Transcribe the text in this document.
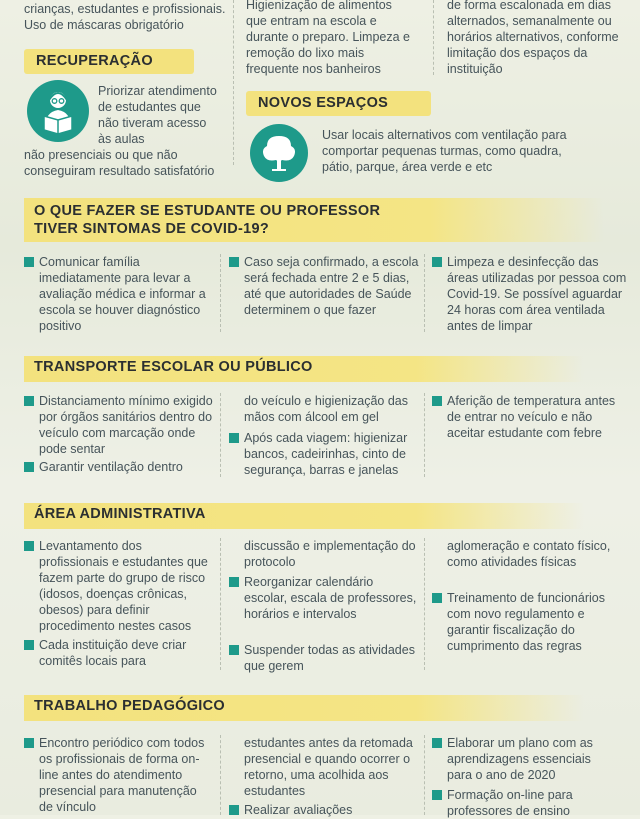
crianças, estudantes e profissionais. Uso de máscaras obrigatório
Higienização de alimentos que entram na escola e durante o preparo. Limpeza e remoção do lixo mais frequente nos banheiros
de forma escalonada em dias alternados, semanalmente ou horários alternativos, conforme limitação dos espaços da instituição
RECUPERAÇÃO
Priorizar atendimento de estudantes que não tiveram acesso às aulas
não presenciais ou que não conseguiram resultado satisfatório
NOVOS ESPAÇOS
Usar locais alternativos com ventilação para comportar pequenas turmas, como quadra, pátio, parque, área verde e etc
O QUE FAZER SE ESTUDANTE OU PROFESSOR
TIVER SINTOMAS DE COVID-19?
Comunicar família imediatamente para levar a avaliação médica e informar a escola se houver diagnóstico positivo
Caso seja confirmado, a escola será fechada entre 2 e 5 dias, até que autoridades de Saúde determinem o que fazer
Limpeza e desinfecção das áreas utilizadas por pessoa com Covid-19. Se possível aguardar 24 horas com área ventilada antes de limpar
TRANSPORTE ESCOLAR OU PÚBLICO
Distanciamento mínimo exigido por órgãos sanitários dentro do veículo com marcação onde pode sentar
Garantir ventilação dentro
do veículo e higienização das mãos com álcool em gel
Após cada viagem: higienizar bancos, cadeirinhas, cinto de segurança, barras e janelas
Aferição de temperatura antes de entrar no veículo e não aceitar estudante com febre
ÁREA ADMINISTRATIVA
Levantamento dos profissionais e estudantes que fazem parte do grupo de risco (idosos, doenças crônicas, obesos) para definir procedimento nestes casos
Cada instituição deve criar comitês locais para
discussão e implementação do protocolo
Reorganizar calendário escolar, escala de professores, horários e intervalos
Suspender todas as atividades que gerem
aglomeração e contato físico, como atividades físicas
Treinamento de funcionários com novo regulamento e garantir fiscalização do cumprimento das regras
TRABALHO PEDAGÓGICO
Encontro periódico com todos os profissionais de forma on-line antes do atendimento presencial para manutenção de vínculo
estudantes antes da retomada presencial e quando ocorrer o retorno, uma acolhida aos estudantes
Realizar avaliações
Elaborar um plano com as aprendizagens essenciais para o ano de 2020
Formação on-line para professores de ensino
